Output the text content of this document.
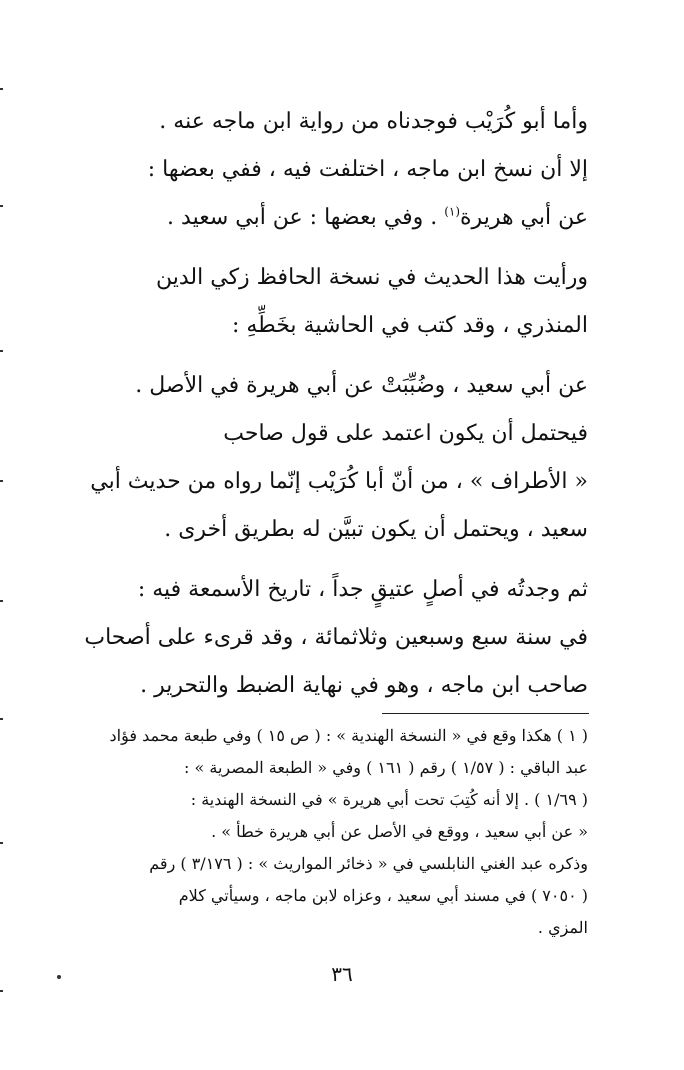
وأما أبو كُرَيْب فوجدناه من رواية ابن ماجه عنه .

إلا أن نسخ ابن ماجه ، اختلفت فيه ، ففي بعضها :

عن أبي هريرة$^{(١)}$ . وفي بعضها : عن أبي سعيد .

ورأيت هذا الحديث في نسخة الحافظ زكي الدين

المنذري ، وقد كتب في الحاشية بخَطِّهِ :

عن أبي سعيد ، وضُبِّبَتْ عن أبي هريرة في الأصل .

فيحتمل أن يكون اعتمد على قول صاحب

« الأطراف » ، من أنّ أبا كُرَيْب إنّما رواه من حديث أبي

سعيد ، ويحتمل أن يكون تبيَّن له بطريق أخرى .

ثم وجدتُه في أصلٍ عتيقٍ جداً ، تاريخ الأسمعة فيه :

في سنة سبع وسبعين وثلاثمائة ، وقد قرىء على أصحاب

صاحب ابن ماجه ، وهو في نهاية الضبط والتحرير .

( ١ ) هكذا وقع في « النسخة الهندية » : ( ص ١٥ ) وفي طبعة محمد فؤاد

عبد الباقي : ( ١/٥٧ ) رقم ( ١٦١ ) وفي « الطبعة المصرية » :

( ١/٦٩ ) . إلا أنه كُتِبَ تحت أبي هريرة » في النسخة الهندية :

« عن أبي سعيد ، ووقع في الأصل عن أبي هريرة خطأ » .

وذكره عبد الغني النابلسي في « ذخائر المواريث » : ( ٣/١٧٦ ) رقم

( ٧٠٥٠ ) في مسند أبي سعيد ، وعزاه لابن ماجه ، وسيأتي كلام

المزي .

٣٦
